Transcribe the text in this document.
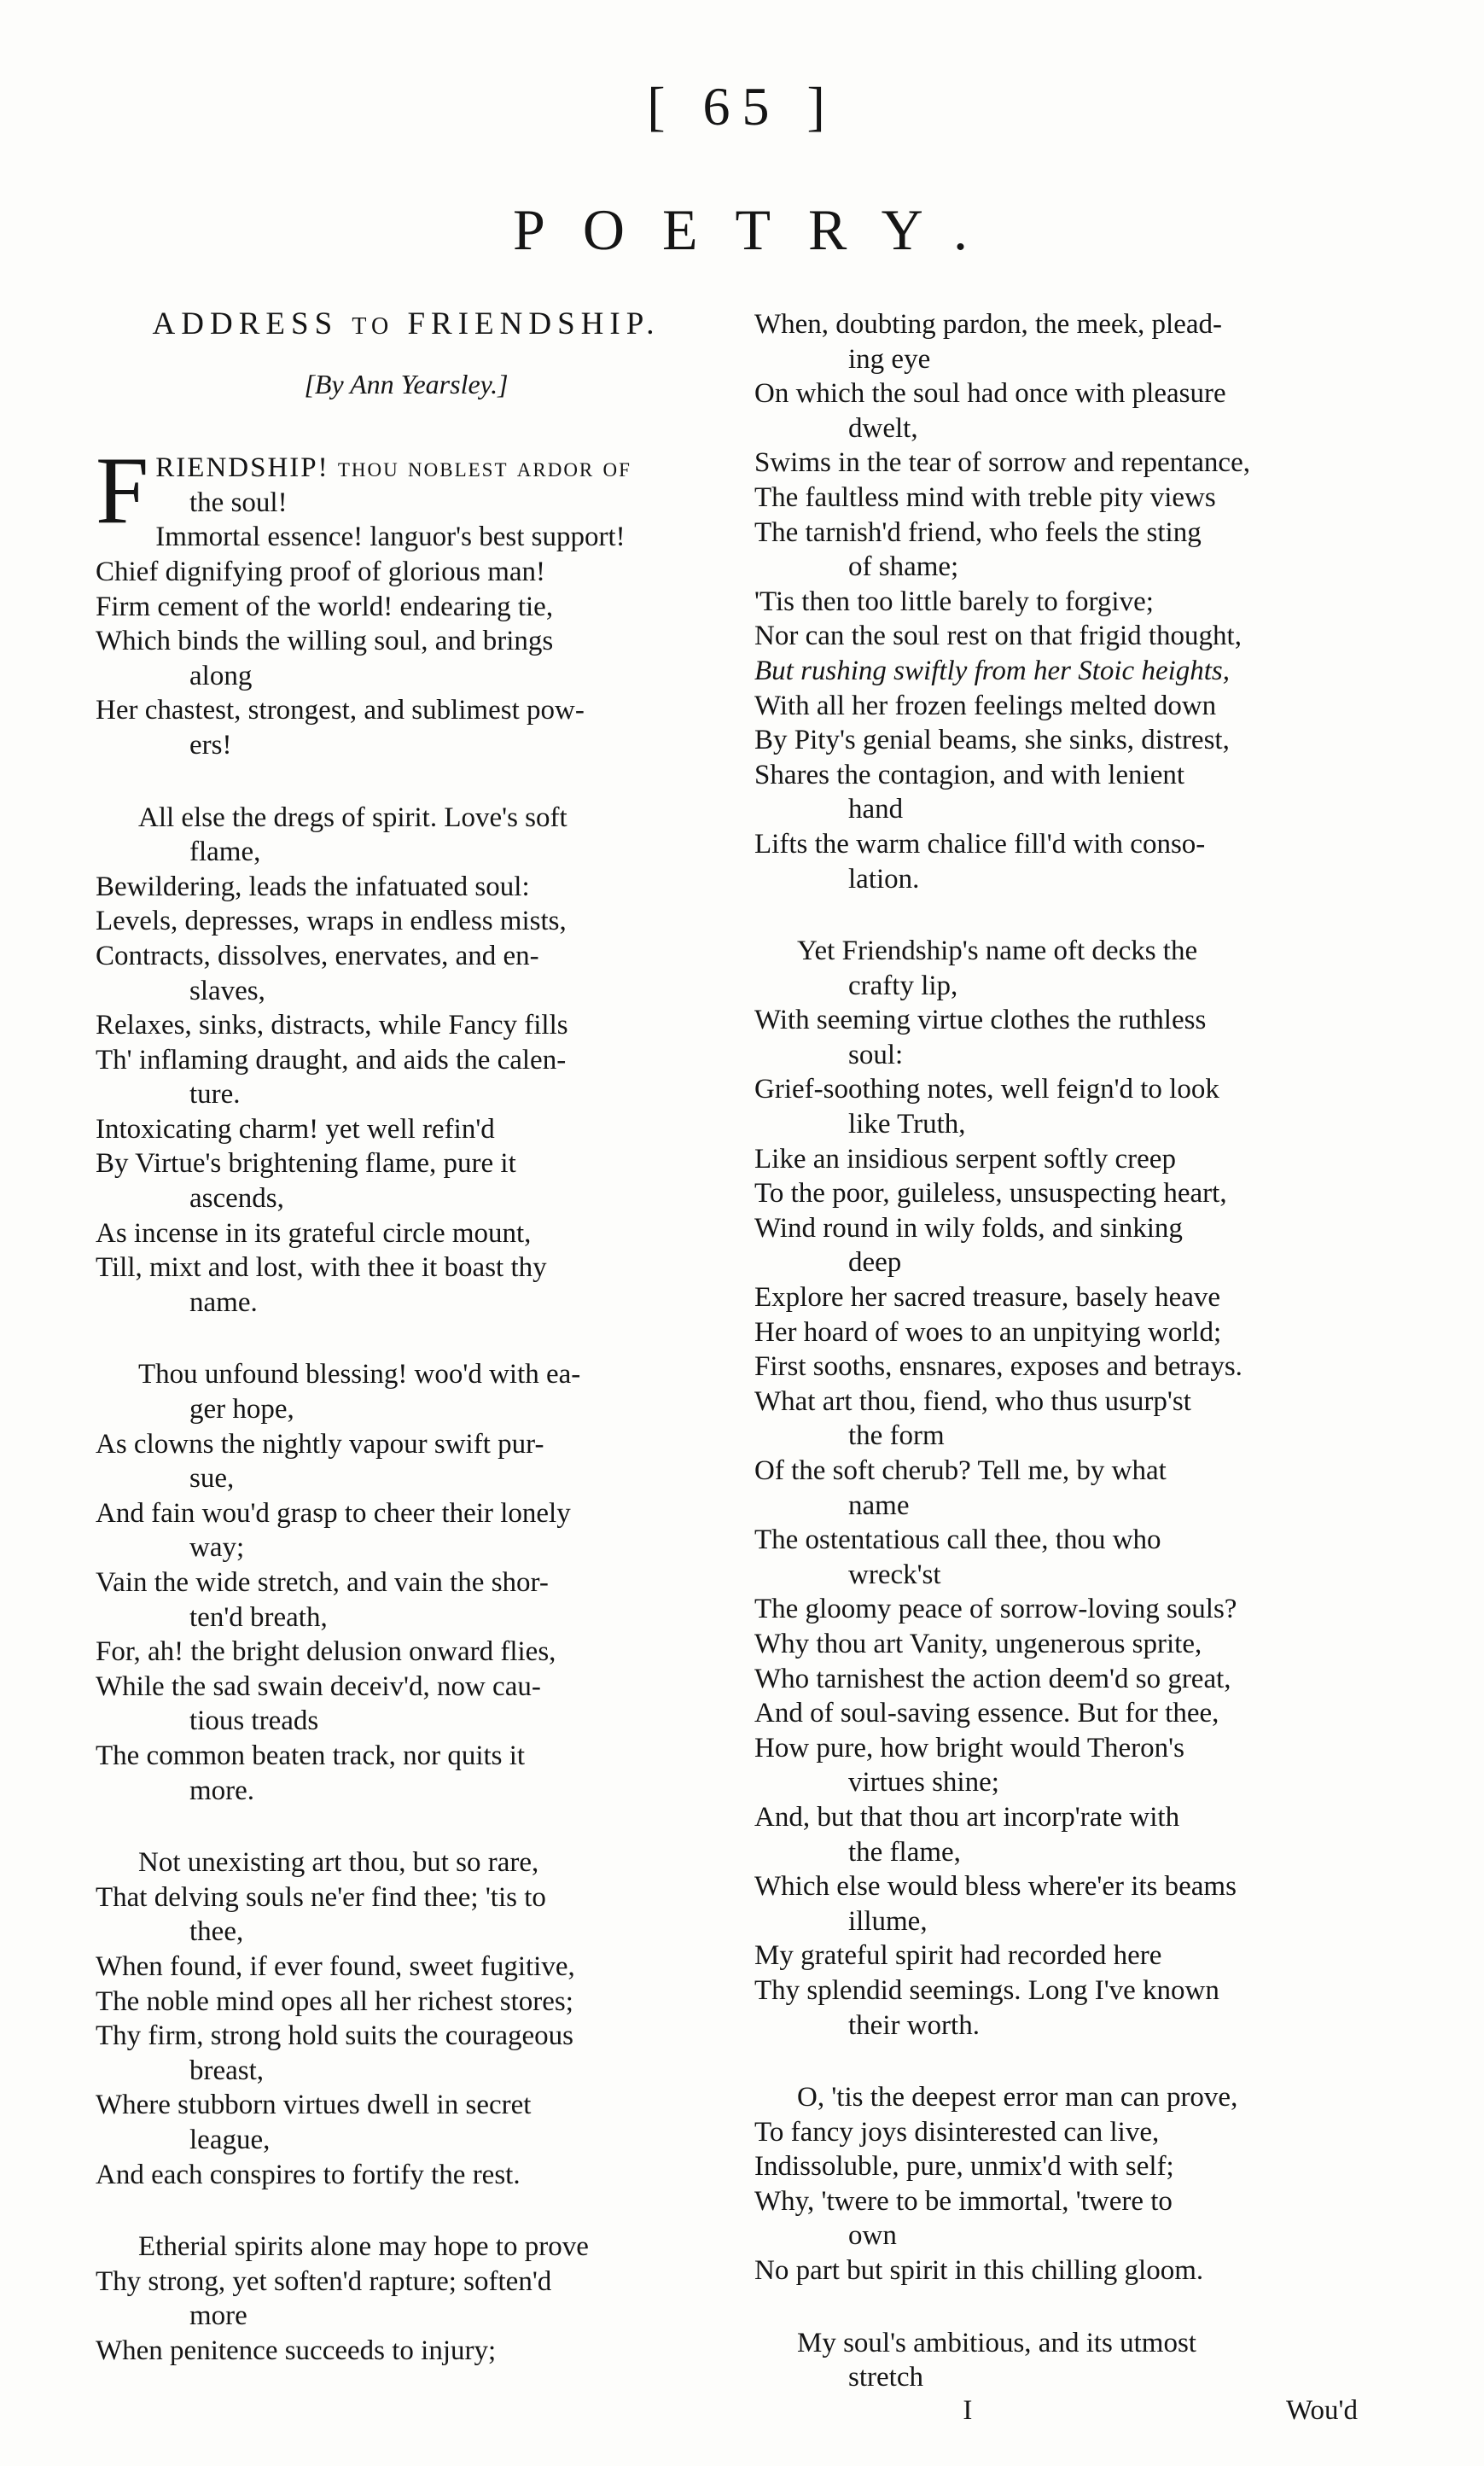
[ 65 ]
POETRY.
ADDRESS TO FRIENDSHIP.
[By Ann Yearsley.]
F RIENDSHIP! thou noblest ardor of
the soul!
Immortal essence! languor's best support!
Chief dignifying proof of glorious man!
Firm cement of the world! endearing tie,
Which binds the willing soul, and brings
along
Her chastest, strongest, and sublimest pow-
ers!
All else the dregs of spirit. Love's soft
flame,
Bewildering, leads the infatuated soul:
Levels, depresses, wraps in endless mists,
Contracts, dissolves, enervates, and en-
slaves,
Relaxes, sinks, distracts, while Fancy fills
Th' inflaming draught, and aids the calen-
ture.
Intoxicating charm! yet well refin'd
By Virtue's brightening flame, pure it
ascends,
As incense in its grateful circle mount,
Till, mixt and lost, with thee it boast thy
name.
Thou unfound blessing! woo'd with ea-
ger hope,
As clowns the nightly vapour swift pur-
sue,
And fain wou'd grasp to cheer their lonely
way;
Vain the wide stretch, and vain the shor-
ten'd breath,
For, ah! the bright delusion onward flies,
While the sad swain deceiv'd, now cau-
tious treads
The common beaten track, nor quits it
more.
Not unexisting art thou, but so rare,
That delving souls ne'er find thee; 'tis to
thee,
When found, if ever found, sweet fugitive,
The noble mind opes all her richest stores;
Thy firm, strong hold suits the courageous
breast,
Where stubborn virtues dwell in secret
league,
And each conspires to fortify the rest.
Etherial spirits alone may hope to prove
Thy strong, yet soften'd rapture; soften'd
more
When penitence succeeds to injury;
When, doubting pardon, the meek, plead-
ing eye
On which the soul had once with pleasure
dwelt,
Swims in the tear of sorrow and repentance,
The faultless mind with treble pity views
The tarnish'd friend, who feels the sting
of shame;
'Tis then too little barely to forgive;
Nor can the soul rest on that frigid thought,
But rushing swiftly from her Stoic heights,
With all her frozen feelings melted down
By Pity's genial beams, she sinks, distrest,
Shares the contagion, and with lenient
hand
Lifts the warm chalice fill'd with conso-
lation.
Yet Friendship's name oft decks the
crafty lip,
With seeming virtue clothes the ruthless
soul:
Grief-soothing notes, well feign'd to look
like Truth,
Like an insidious serpent softly creep
To the poor, guileless, unsuspecting heart,
Wind round in wily folds, and sinking
deep
Explore her sacred treasure, basely heave
Her hoard of woes to an unpitying world;
First sooths, ensnares, exposes and betrays.
What art thou, fiend, who thus usurp'st
the form
Of the soft cherub? Tell me, by what
name
The ostentatious call thee, thou who
wreck'st
The gloomy peace of sorrow-loving souls?
Why thou art Vanity, ungenerous sprite,
Who tarnishest the action deem'd so great,
And of soul-saving essence. But for thee,
How pure, how bright would Theron's
virtues shine;
And, but that thou art incorp'rate with
the flame,
Which else would bless where'er its beams
illume,
My grateful spirit had recorded here
Thy splendid seemings. Long I've known
their worth.
O, 'tis the deepest error man can prove,
To fancy joys disinterested can live,
Indissoluble, pure, unmix'd with self;
Why, 'twere to be immortal, 'twere to
own
No part but spirit in this chilling gloom.
My soul's ambitious, and its utmost
stretch
I	Wou'd
